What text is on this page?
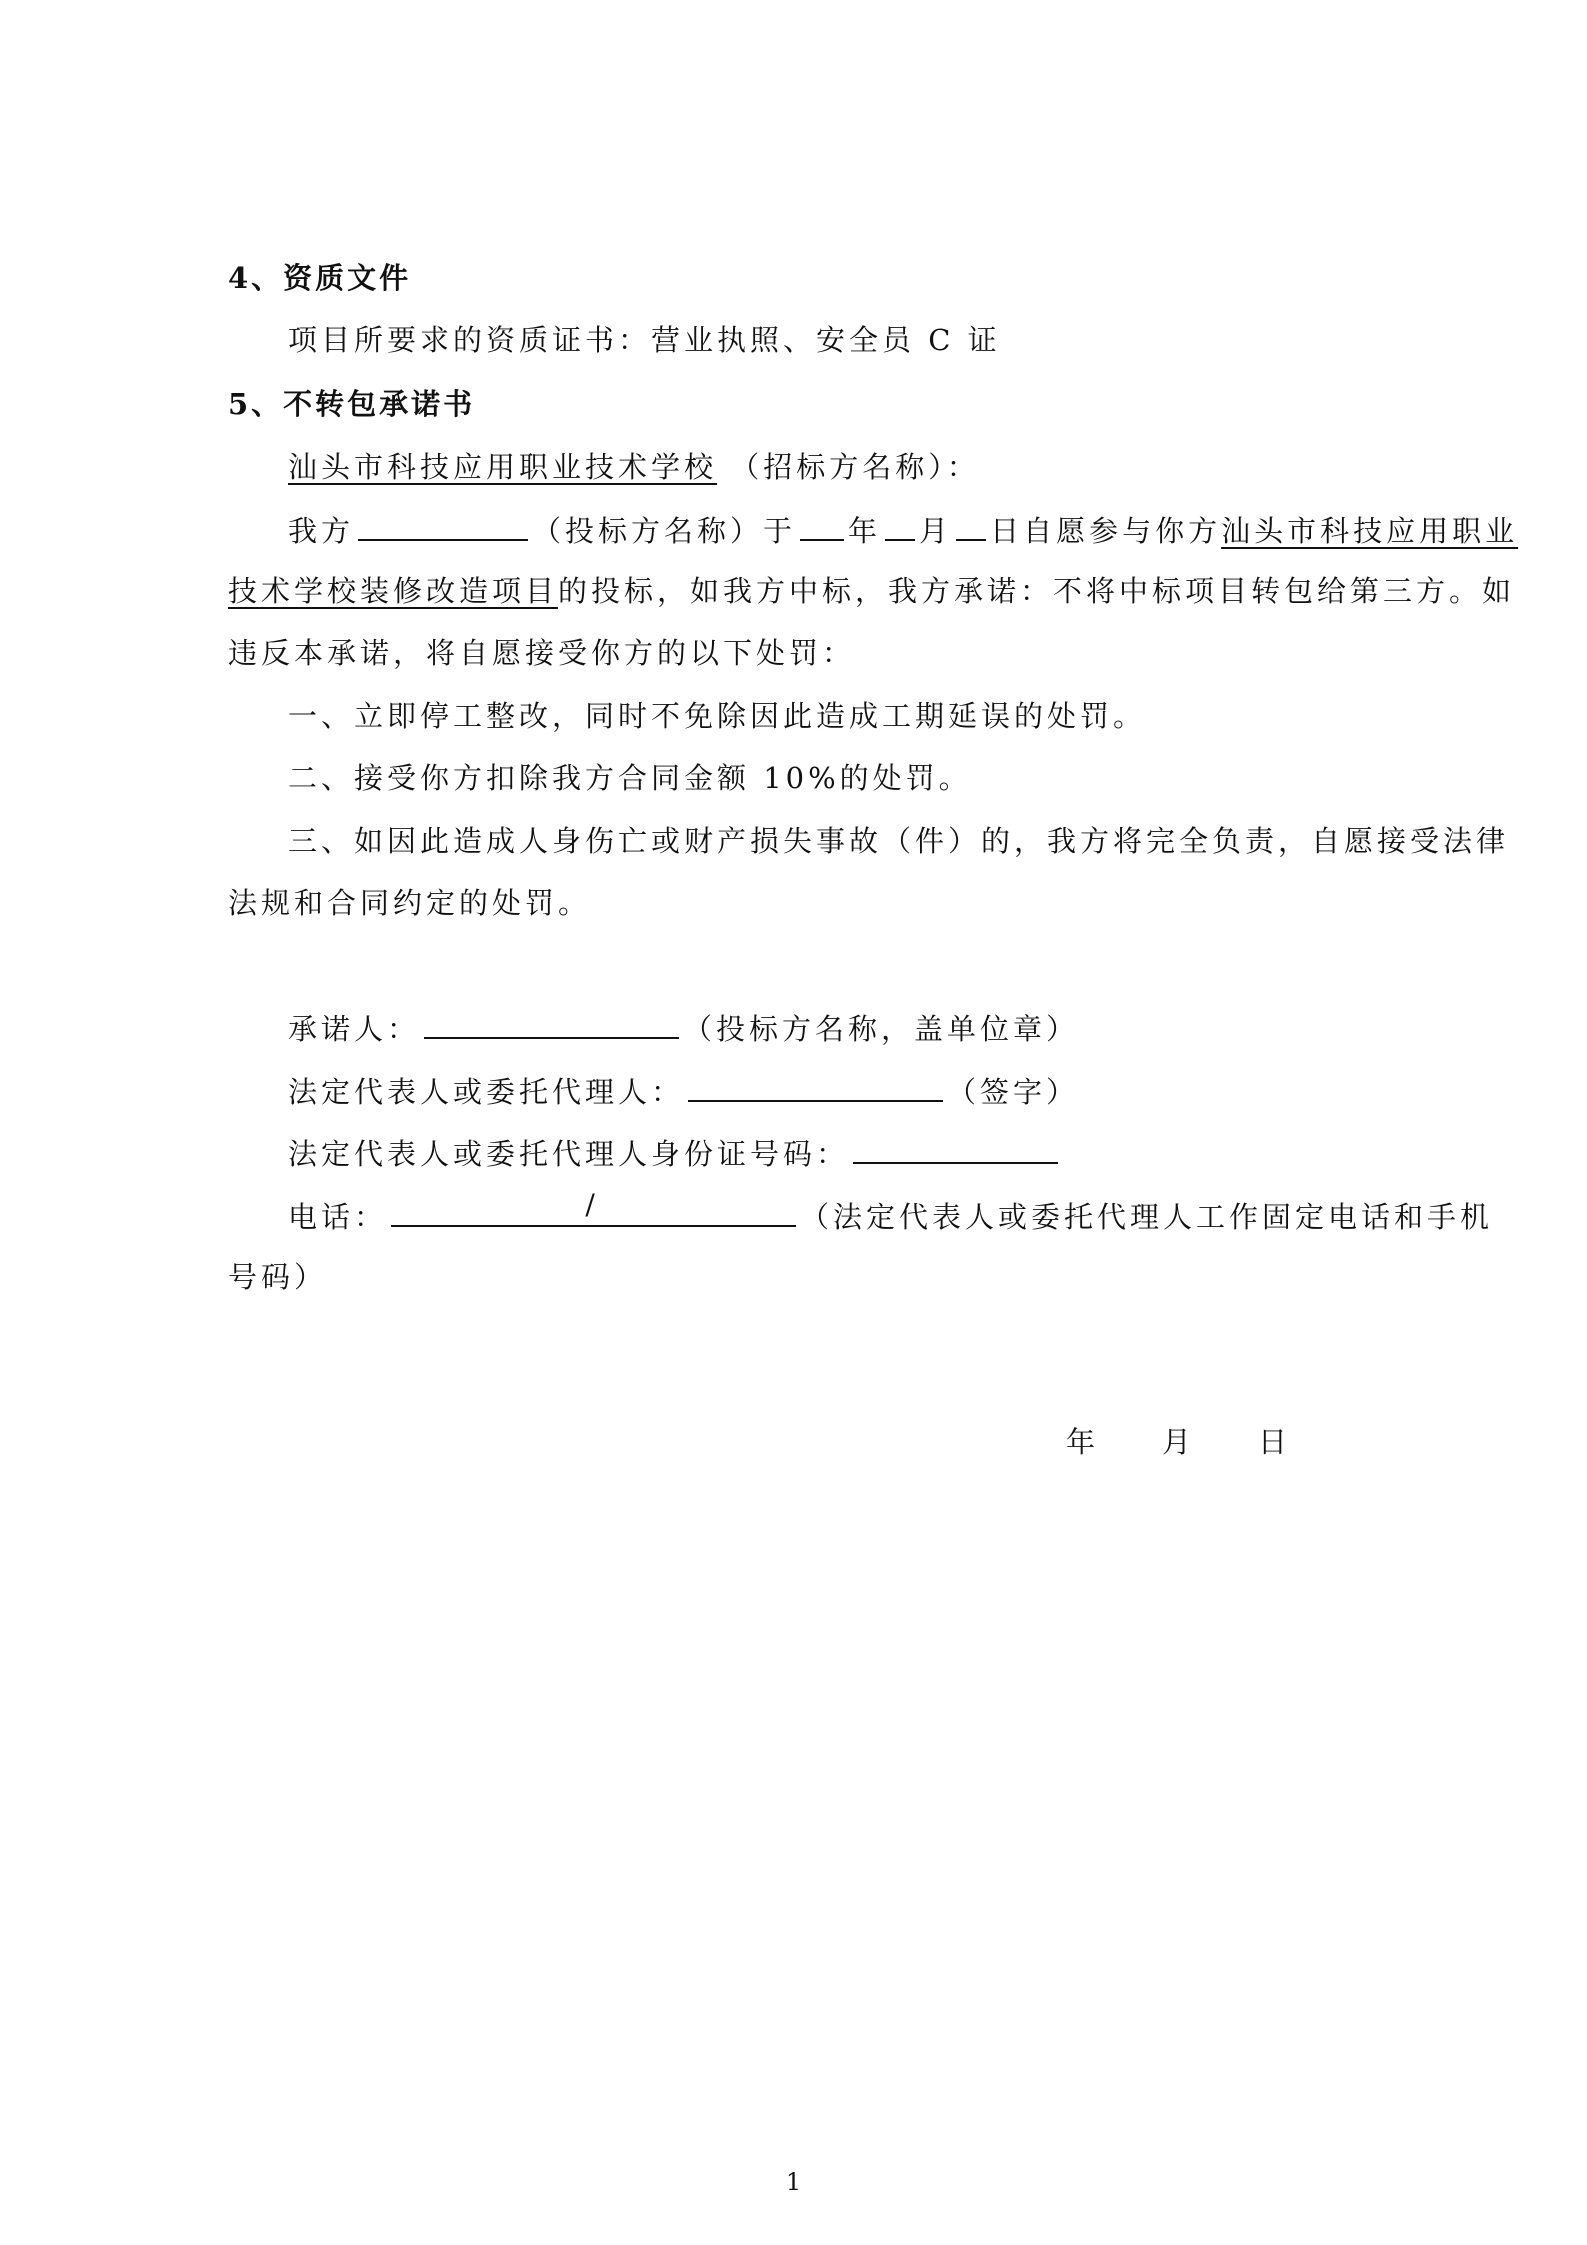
4、资质文件
项目所要求的资质证书：营业执照、安全员 C 证
5、不转包承诺书
汕头市科技应用职业技术学校 （招标方名称）：
我方	（投标方名称）于 年 月 日自愿参与你方汕头市科技应用职业
技术学校装修改造项目的投标，如我方中标，我方承诺：不将中标项目转包给第三方。如
违反本承诺，将自愿接受你方的以下处罚：
一、立即停工整改，同时不免除因此造成工期延误的处罚。
二、接受你方扣除我方合同金额 10%的处罚。
三、如因此造成人身伤亡或财产损失事故（件）的，我方将完全负责，自愿接受法律
法规和合同约定的处罚。
承诺人：	（投标方名称，盖单位章）
法定代表人或委托代理人：	（签字）
法定代表人或委托代理人身份证号码：
电话：	/	（法定代表人或委托代理人工作固定电话和手机
号码）
年 月 日
1
